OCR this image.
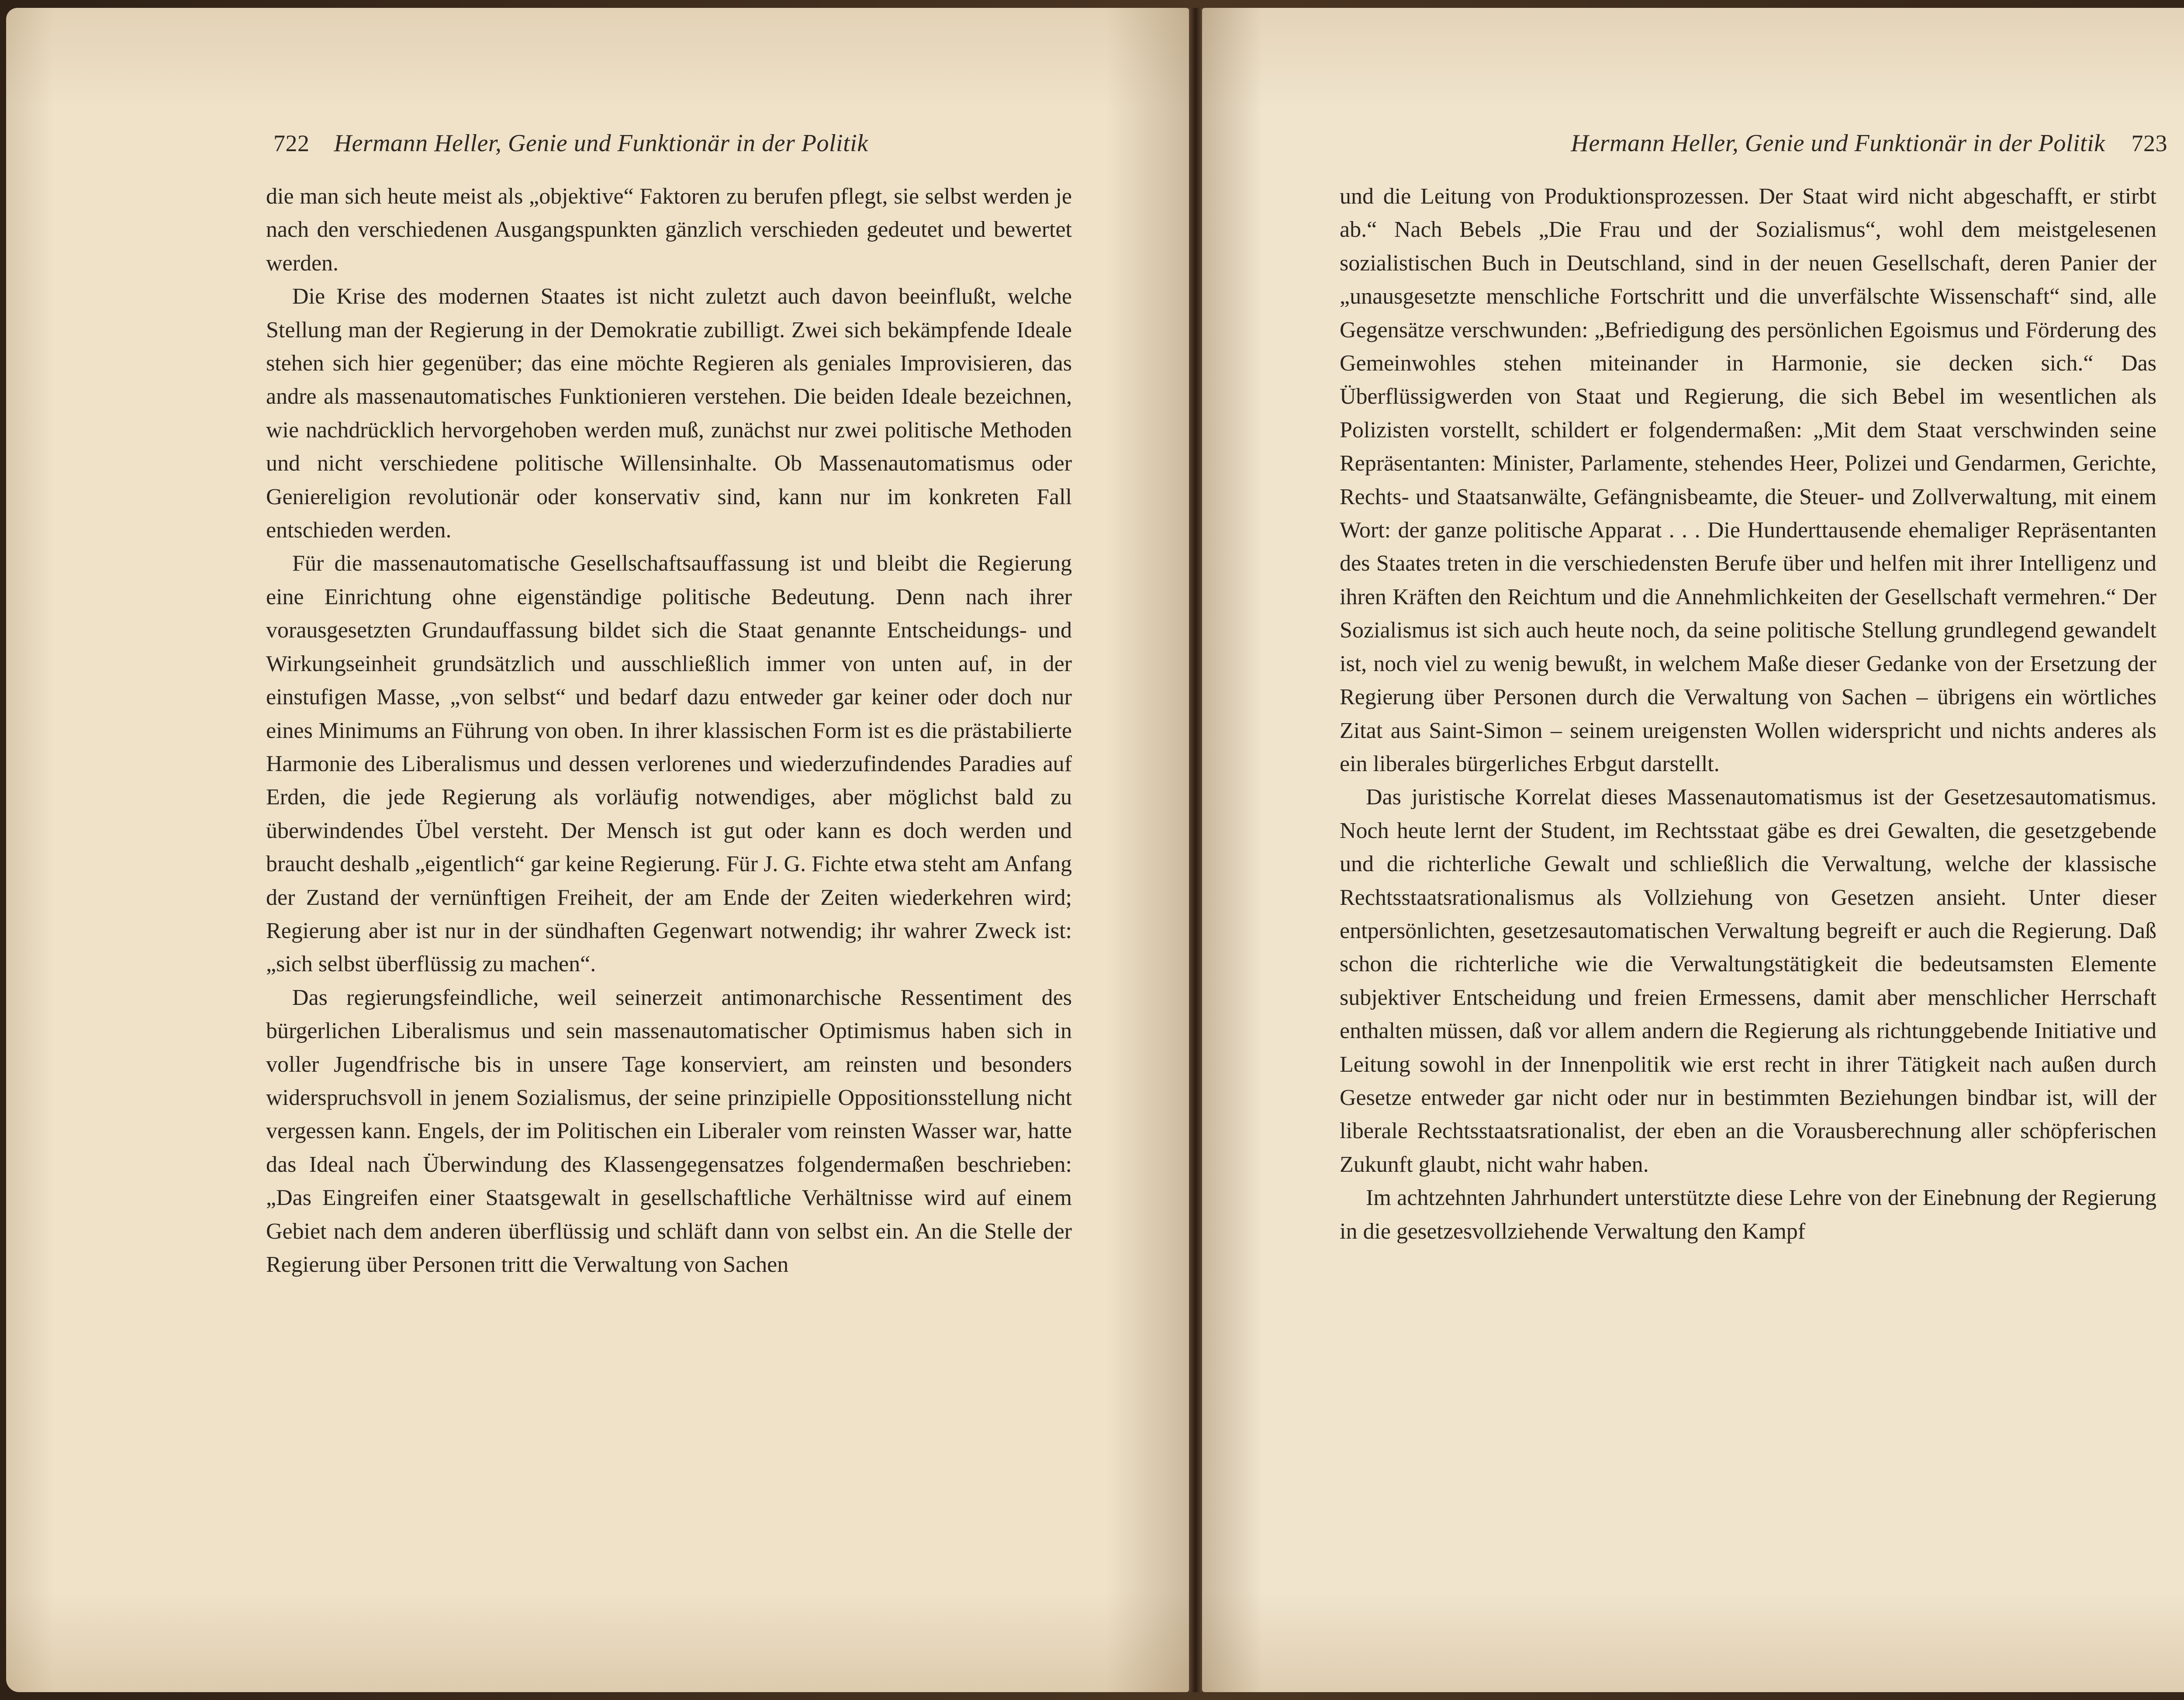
722 Hermann Heller, Genie und Funktionär in der Politik

die man sich heute meist als „objektive“ Faktoren zu berufen pflegt, sie selbst werden je nach den verschiedenen Ausgangspunkten gänzlich verschieden gedeutet und bewertet werden.

Die Krise des modernen Staates ist nicht zuletzt auch davon beeinflußt, welche Stellung man der Regierung in der Demokratie zubilligt. Zwei sich bekämpfende Ideale stehen sich hier gegenüber; das eine möchte Regieren als geniales Improvisieren, das andre als massenautomatisches Funktionieren verstehen. Die beiden Ideale bezeichnen, wie nachdrücklich hervorgehoben werden muß, zunächst nur zwei politische Methoden und nicht verschiedene politische Willensinhalte. Ob Massenautomatismus oder Geniereligion revolutionär oder konservativ sind, kann nur im konkreten Fall entschieden werden.

Für die massenautomatische Gesellschaftsauffassung ist und bleibt die Regierung eine Einrichtung ohne eigenständige politische Bedeutung. Denn nach ihrer vorausgesetzten Grundauffassung bildet sich die Staat genannte Entscheidungs- und Wirkungseinheit grundsätzlich und ausschließlich immer von unten auf, in der einstufigen Masse, „von selbst“ und bedarf dazu entweder gar keiner oder doch nur eines Minimums an Führung von oben. In ihrer klassischen Form ist es die prästabilierte Harmonie des Liberalismus und dessen verlorenes und wiederzufindendes Paradies auf Erden, die jede Regierung als vorläufig notwendiges, aber möglichst bald zu überwindendes Übel versteht. Der Mensch ist gut oder kann es doch werden und braucht deshalb „eigentlich“ gar keine Regierung. Für J. G. Fichte etwa steht am Anfang der Zustand der vernünftigen Freiheit, der am Ende der Zeiten wiederkehren wird; Regierung aber ist nur in der sündhaften Gegenwart notwendig; ihr wahrer Zweck ist: „sich selbst überflüssig zu machen“.

Das regierungsfeindliche, weil seinerzeit antimonarchische Ressentiment des bürgerlichen Liberalismus und sein massenautomatischer Optimismus haben sich in voller Jugendfrische bis in unsere Tage konserviert, am reinsten und besonders widerspruchsvoll in jenem Sozialismus, der seine prinzipielle Oppositionsstellung nicht vergessen kann. Engels, der im Politischen ein Liberaler vom reinsten Wasser war, hatte das Ideal nach Überwindung des Klassengegensatzes folgendermaßen beschrieben: „Das Eingreifen einer Staatsgewalt in gesellschaftliche Verhältnisse wird auf einem Gebiet nach dem anderen überflüssig und schläft dann von selbst ein. An die Stelle der Regierung über Personen tritt die Verwaltung von Sachen

Hermann Heller, Genie und Funktionär in der Politik 723

und die Leitung von Produktionsprozessen. Der Staat wird nicht abgeschafft, er stirbt ab.“ Nach Bebels „Die Frau und der Sozialismus“, wohl dem meistgelesenen sozialistischen Buch in Deutschland, sind in der neuen Gesellschaft, deren Panier der „unausgesetzte menschliche Fortschritt und die unverfälschte Wissenschaft“ sind, alle Gegensätze verschwunden: „Befriedigung des persönlichen Egoismus und Förderung des Gemeinwohles stehen miteinander in Harmonie, sie decken sich.“ Das Überflüssigwerden von Staat und Regierung, die sich Bebel im wesentlichen als Polizisten vorstellt, schildert er folgendermaßen: „Mit dem Staat verschwinden seine Repräsentanten: Minister, Parlamente, stehendes Heer, Polizei und Gendarmen, Gerichte, Rechts- und Staatsanwälte, Gefängnisbeamte, die Steuer- und Zollverwaltung, mit einem Wort: der ganze politische Apparat . . . Die Hunderttausende ehemaliger Repräsentanten des Staates treten in die verschiedensten Berufe über und helfen mit ihrer Intelligenz und ihren Kräften den Reichtum und die Annehmlichkeiten der Gesellschaft vermehren.“ Der Sozialismus ist sich auch heute noch, da seine politische Stellung grundlegend gewandelt ist, noch viel zu wenig bewußt, in welchem Maße dieser Gedanke von der Ersetzung der Regierung über Personen durch die Verwaltung von Sachen – übrigens ein wörtliches Zitat aus Saint-Simon – seinem ureigensten Wollen widerspricht und nichts anderes als ein liberales bürgerliches Erbgut darstellt.

Das juristische Korrelat dieses Massenautomatismus ist der Gesetzesautomatismus. Noch heute lernt der Student, im Rechtsstaat gäbe es drei Gewalten, die gesetzgebende und die richterliche Gewalt und schließlich die Verwaltung, welche der klassische Rechtsstaatsrationalismus als Vollziehung von Gesetzen ansieht. Unter dieser entpersönlichten, gesetzesautomatischen Verwaltung begreift er auch die Regierung. Daß schon die richterliche wie die Verwaltungstätigkeit die bedeutsamsten Elemente subjektiver Entscheidung und freien Ermessens, damit aber menschlicher Herrschaft enthalten müssen, daß vor allem andern die Regierung als richtunggebende Initiative und Leitung sowohl in der Innenpolitik wie erst recht in ihrer Tätigkeit nach außen durch Gesetze entweder gar nicht oder nur in bestimmten Beziehungen bindbar ist, will der liberale Rechtsstaatsrationalist, der eben an die Vorausberechnung aller schöpferischen Zukunft glaubt, nicht wahr haben.

Im achtzehnten Jahrhundert unterstützte diese Lehre von der Einebnung der Regierung in die gesetzesvollziehende Verwaltung den Kampf
